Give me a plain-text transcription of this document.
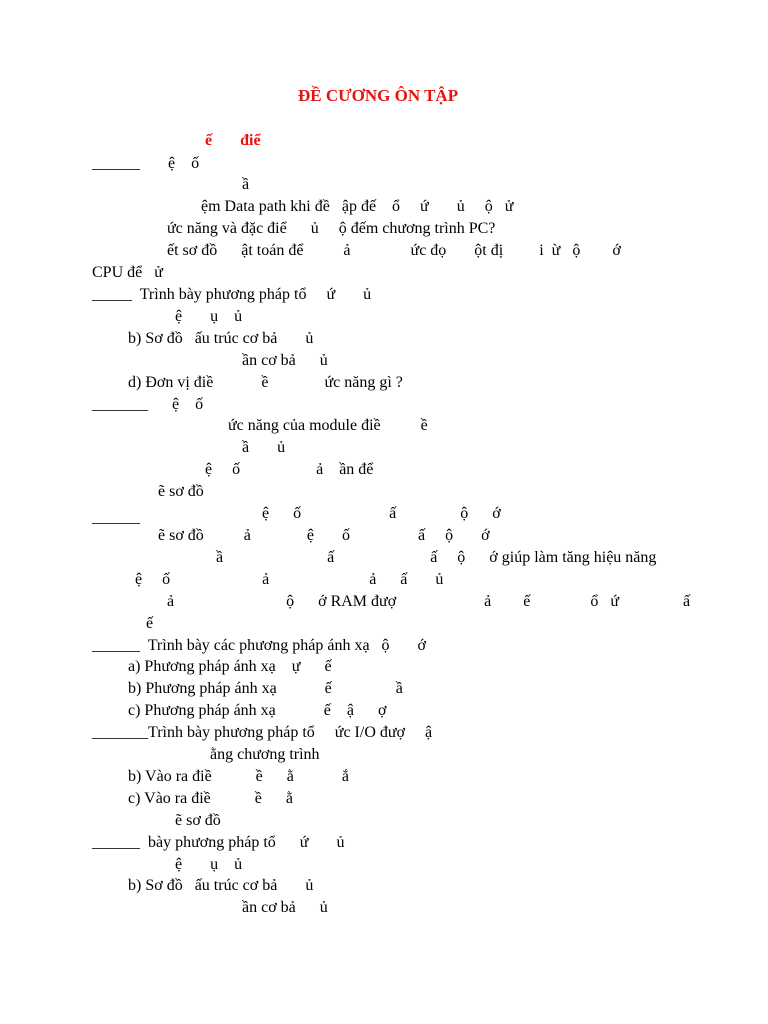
ĐỀ CƯƠNG ÔN TẬP
ế       điể
______       ệ    ố
ầ
ệm Data path khi đề   ập đế    ổ     ứ       ủ     ộ   ử
ức năng và đặc điể      ủ     ộ đếm chương trình PC?
ết sơ đồ      ật toán để          ả               ức đọ       ột đị         i  ừ   ộ        ớ
CPU để   ử
_____  Trình bày phương pháp tổ     ứ       ủ
ệ       ụ    ủ
b) Sơ đồ   ấu trúc cơ bả       ủ
ần cơ bả      ủ
d) Đơn vị điề            ề              ức năng gì ?
_______      ệ    ố
ức năng của module điề          ề
ầ       ủ
ệ     ố                   ả    ần để
ẽ sơ đồ
ệ      ố                      ấ                ộ      ớ
______
ẽ sơ đồ          ả              ệ       ố                 ấ     ộ       ớ
ầ                          ấ                        ấ     ộ      ớ giúp làm tăng hiệu năng
ệ     ố                       ả                         ả      ấ       ủ
ả                            ộ      ớ RAM đượ                      ả        ế               ổ   ứ                ấ
ế
______  Trình bày các phương pháp ánh xạ   ộ       ớ
a) Phương pháp ánh xạ    ự      ế
b) Phương pháp ánh xạ            ế                ầ
c) Phương pháp ánh xạ            ế    ậ      ợ
_______Trình bày phương pháp tổ     ức I/O đượ     ậ
ằng chương trình
b) Vào ra điề           ề      ằ            ắ
c) Vào ra điề           ề      ằ
ẽ sơ đồ
______  bày phương pháp tổ      ứ       ủ
ệ       ụ    ủ
b) Sơ đồ   ấu trúc cơ bả       ủ
ần cơ bả      ủ
